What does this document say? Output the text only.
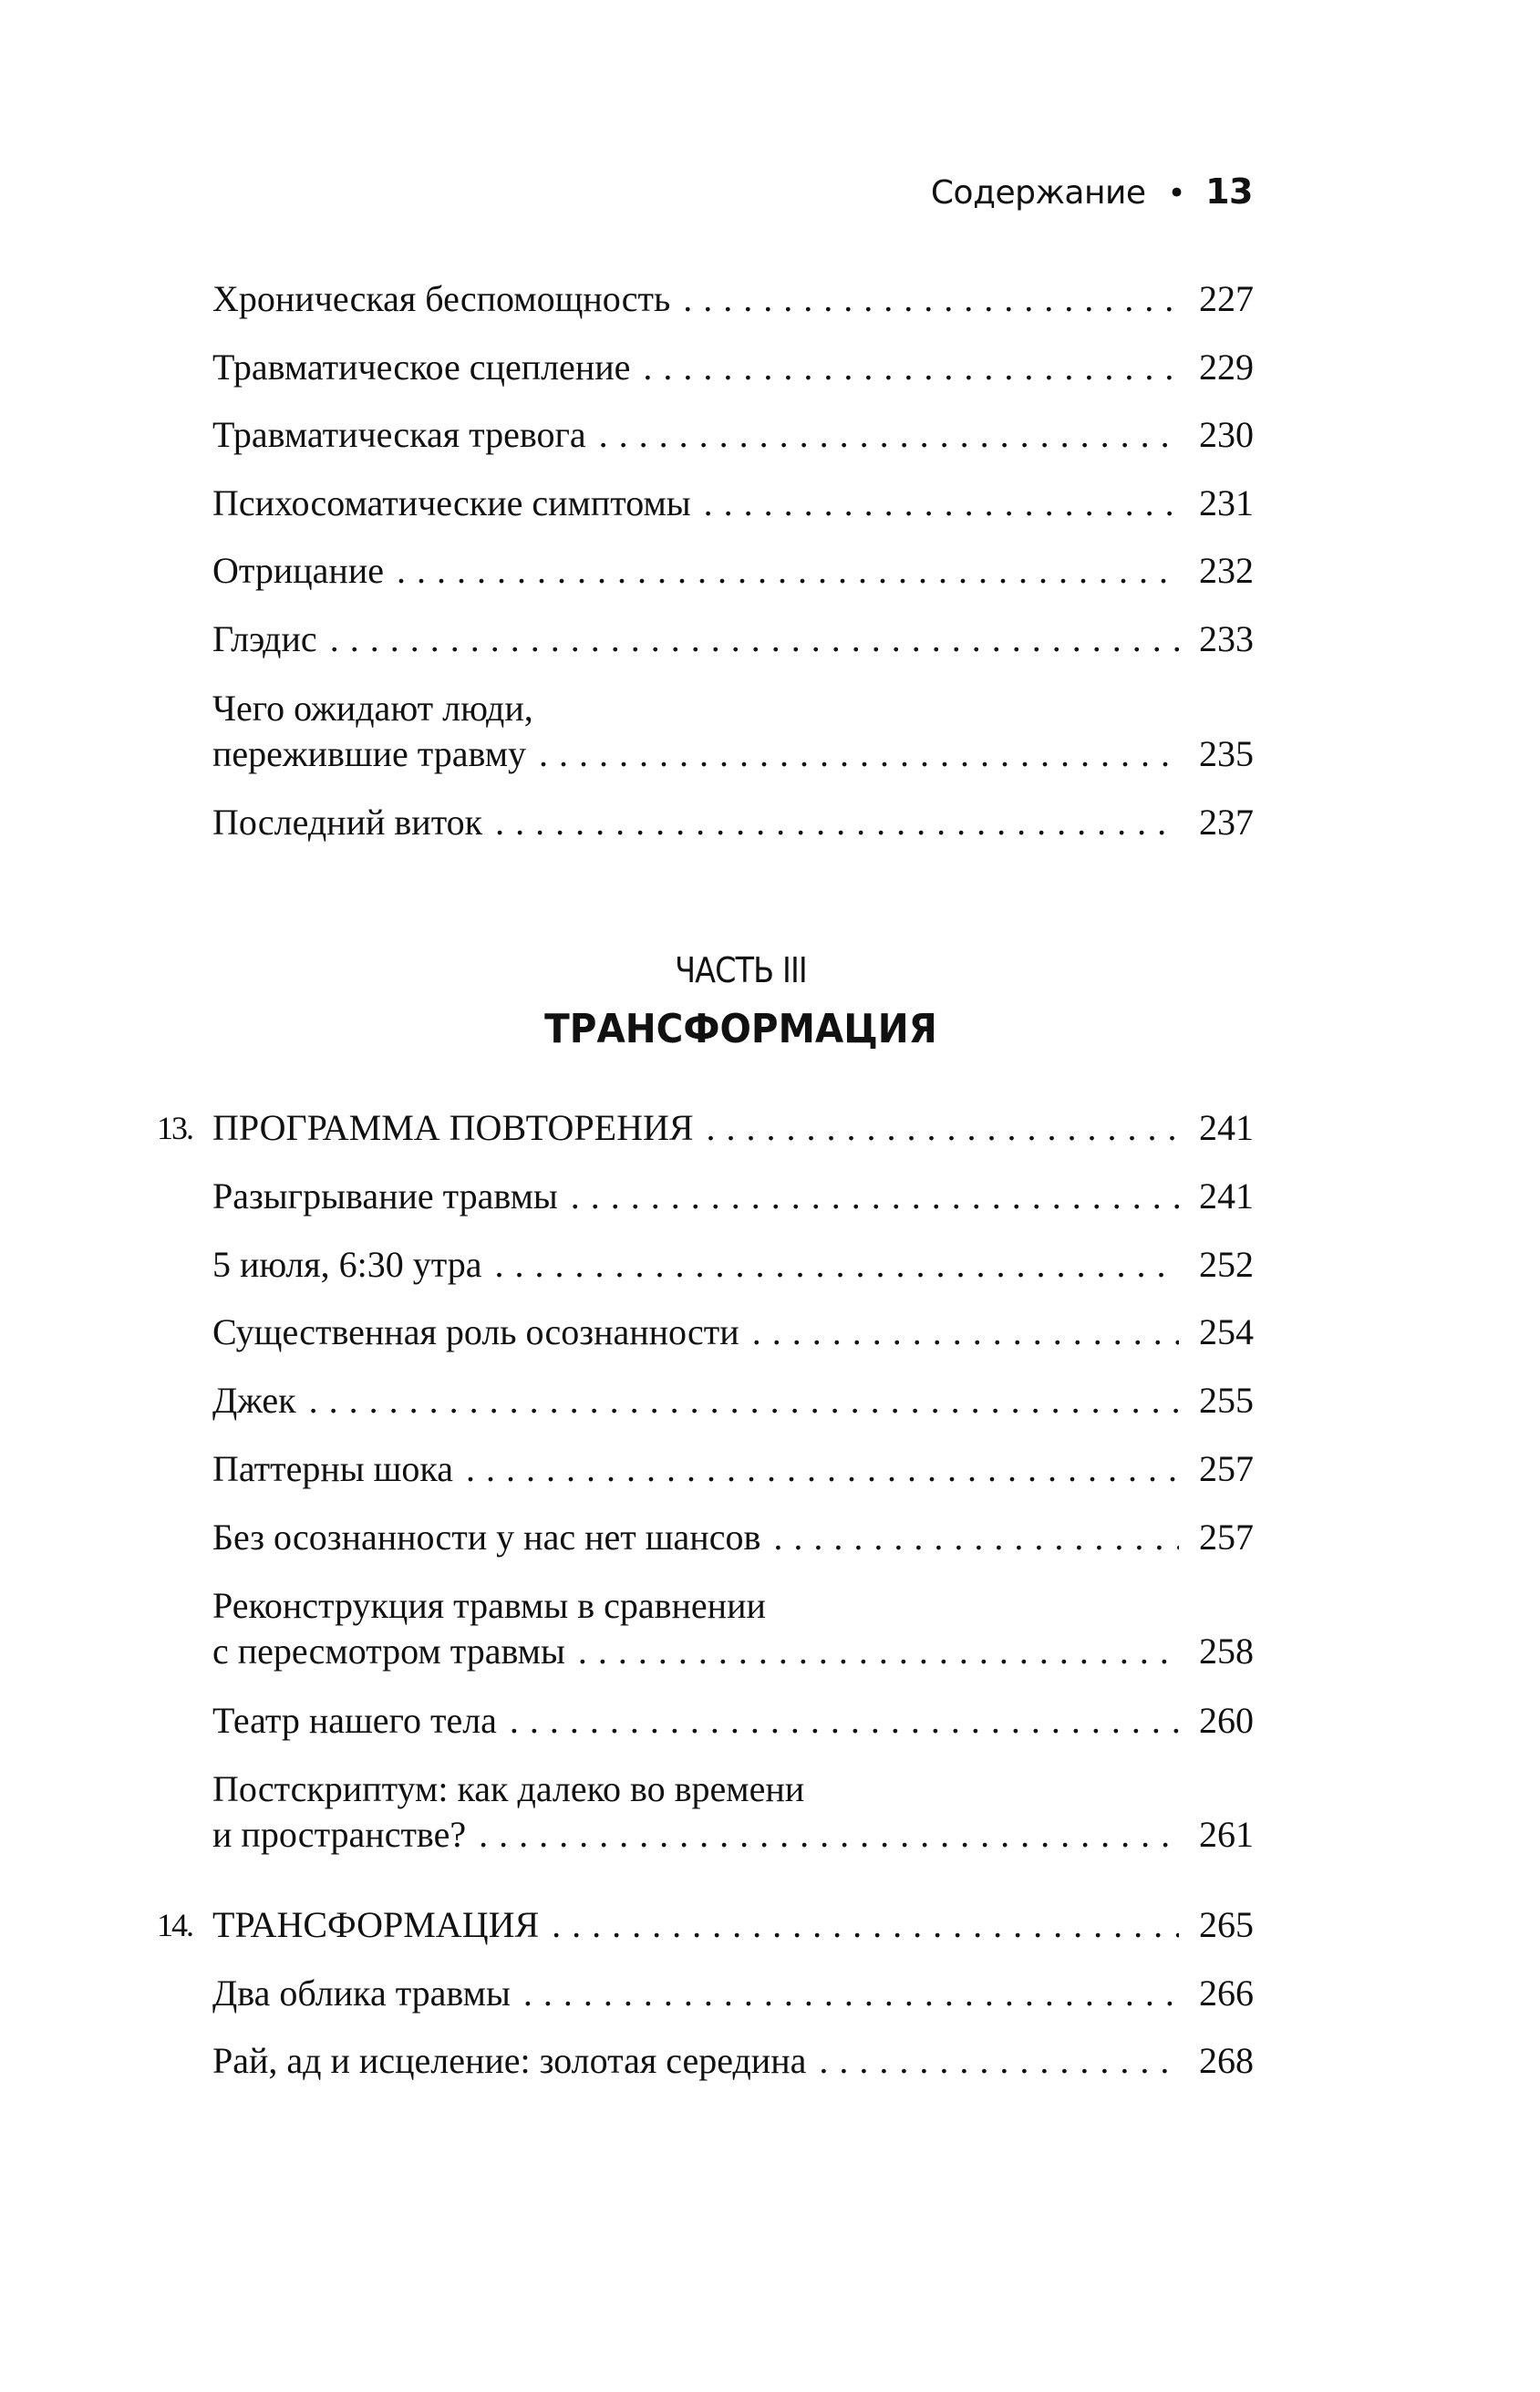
Содержание • 13
Хроническая беспомощность . . .	227
Травматическое сцепление . . .	229
Травматическая тревога . . .	230
Психосоматические симптомы . . .	231
Отрицание . . .	232
Глэдис . . .	233
Чего ожидают люди,
пережившие травму . . .	235
Последний виток . . .	237
ЧАСТЬ III
ТРАНСФОРМАЦИЯ
13. ПРОГРАММА ПОВТОРЕНИЯ . . .	241
Разыгрывание травмы . . .	241
5 июля, 6:30 утра . . .	252
Существенная роль осознанности . . .	254
Джек . . .	255
Паттерны шока . . .	257
Без осознанности у нас нет шансов . . .	257
Реконструкция травмы в сравнении
с пересмотром травмы . . .	258
Театр нашего тела . . .	260
Постскриптум: как далеко во времени
и пространстве? . . .	261
14. ТРАНСФОРМАЦИЯ . . .	265
Два облика травмы . . .	266
Рай, ад и исцеление: золотая середина . . .	268
